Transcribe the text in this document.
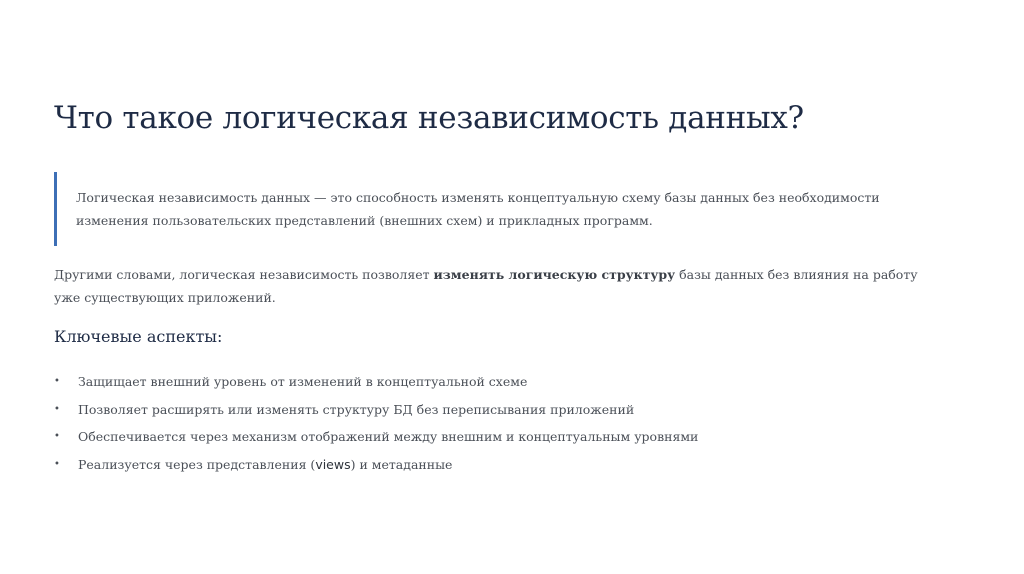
Что такое логическая независимость данных?

Логическая независимость данных — это способность изменять концептуальную схему базы данных без необходимости изменения пользовательских представлений (внешних схем) и прикладных программ.

Другими словами, логическая независимость позволяет изменять логическую структуру базы данных без влияния на работу уже существующих приложений.

Ключевые аспекты:
• Защищает внешний уровень от изменений в концептуальной схеме
• Позволяет расширять или изменять структуру БД без переписывания приложений
• Обеспечивается через механизм отображений между внешним и концептуальным уровнями
• Реализуется через представления (views) и метаданные
